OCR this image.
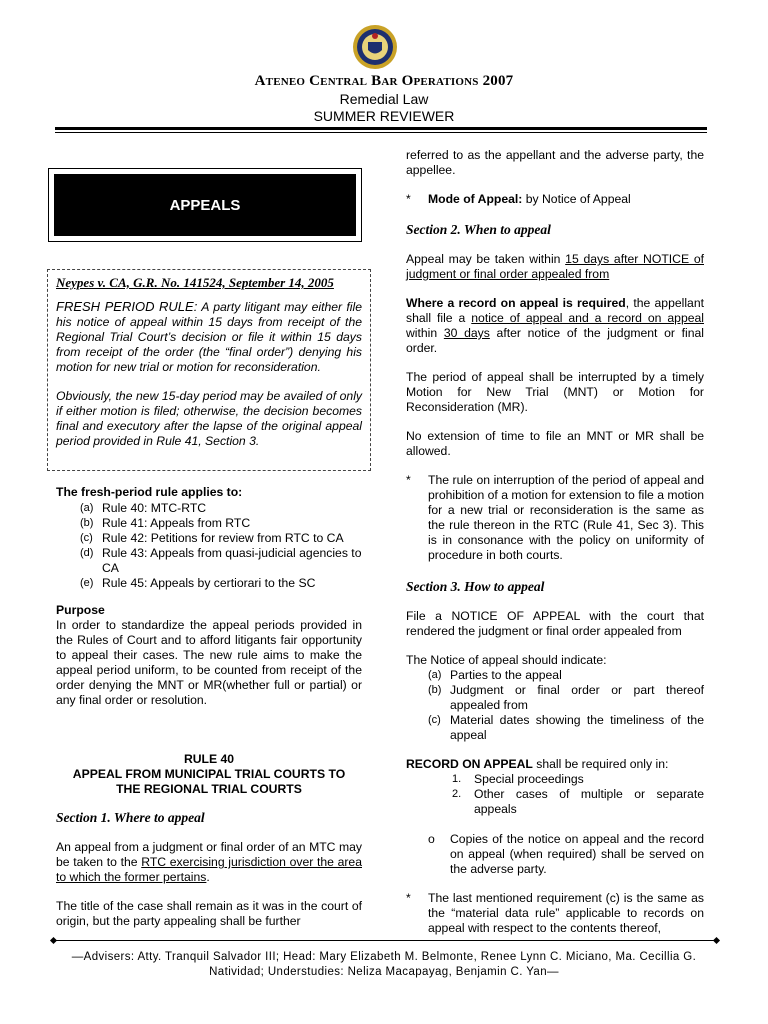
Ateneo Central Bar Operations 2007
Remedial Law
SUMMER REVIEWER
APPEALS

Neypes v. CA, G.R. No. 141524, September 14, 2005

FRESH PERIOD RULE: A party litigant may either file his notice of appeal within 15 days from receipt of the Regional Trial Court’s decision or file it within 15 days from receipt of the order (the “final order”) denying his motion for new trial or motion for reconsideration.

Obviously, the new 15-day period may be availed of only if either motion is filed; otherwise, the decision becomes final and executory after the lapse of the original appeal period provided in Rule 41, Section 3.

The fresh-period rule applies to:

(a) Rule 40: MTC-RTC
(b) Rule 41: Appeals from RTC
(c) Rule 42: Petitions for review from RTC to CA
(d) Rule 43: Appeals from quasi-judicial agencies to CA
(e) Rule 45: Appeals by certiorari to the SC

Purpose

In order to standardize the appeal periods provided in the Rules of Court and to afford litigants fair opportunity to appeal their cases. The new rule aims to make the appeal period uniform, to be counted from receipt of the order denying the MNT or MR(whether full or partial) or any final order or resolution.

RULE 40

APPEAL FROM MUNICIPAL TRIAL COURTS TO

THE REGIONAL TRIAL COURTS

Section 1. Where to appeal

An appeal from a judgment or final order of an MTC may be taken to the RTC exercising jurisdiction over the area to which the former pertains.

The title of the case shall remain as it was in the court of origin, but the party appealing shall be further

referred to as the appellant and the adverse party, the appellee.

*	Mode of Appeal: by Notice of Appeal
Section 2. When to appeal

Appeal may be taken within 15 days after NOTICE of judgment or final order appealed from

Where a record on appeal is required, the appellant shall file a notice of appeal and a record on appeal within 30 days after notice of the judgment or final order.

The period of appeal shall be interrupted by a timely Motion for New Trial (MNT) or Motion for Reconsideration (MR).

No extension of time to file an MNT or MR shall be allowed.

*	The rule on interruption of the period of appeal and prohibition of a motion for extension to file a motion for a new trial or reconsideration is the same as the rule thereon in the RTC (Rule 41, Sec 3). This is in consonance with the policy on uniformity of procedure in both courts.
Section 3. How to appeal

File a NOTICE OF APPEAL with the court that rendered the judgment or final order appealed from

The Notice of appeal should indicate:

(a) Parties to the appeal
(b) Judgment or final order or part thereof appealed from
(c) Material dates showing the timeliness of the appeal

RECORD ON APPEAL shall be required only in:

1.	Special proceedings
2.	Other cases of multiple or separate appeals
o	Copies of the notice on appeal and the record on appeal (when required) shall be served on the adverse party.
*	The last mentioned requirement (c) is the same as the “material data rule” applicable to records on appeal with respect to the contents thereof,
—Advisers: Atty. Tranquil Salvador III; Head: Mary Elizabeth M. Belmonte, Renee Lynn C. Miciano, Ma. Cecillia G.
Natividad; Understudies: Neliza Macapayag, Benjamin C. Yan—
